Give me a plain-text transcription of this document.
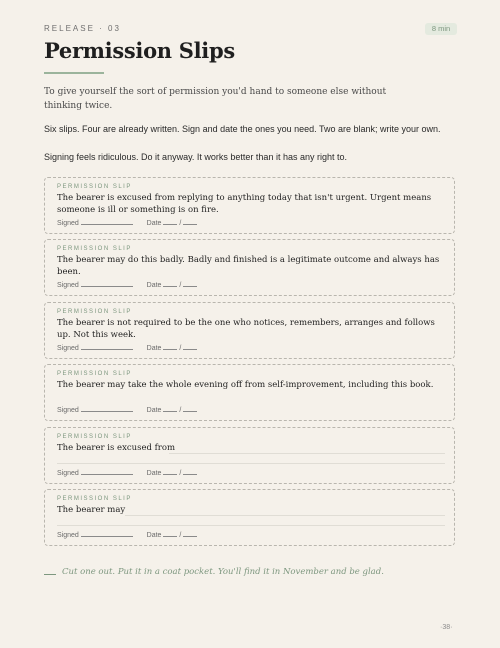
RELEASE · 03	8 min
Permission Slips

To give yourself the sort of permission you'd hand to someone else without thinking twice.

Six slips. Four are already written. Sign and date the ones you need. Two are blank; write your own.

Signing feels ridiculous. Do it anyway. It works better than it has any right to.

PERMISSION SLIP

The bearer is excused from replying to anything today that isn't urgent. Urgent means someone is ill or something is on fire.

Signed	Date	/
PERMISSION SLIP

The bearer may do this badly. Badly and finished is a legitimate outcome and always has been.

Signed	Date	/
PERMISSION SLIP

The bearer is not required to be the one who notices, remembers, arranges and follows up. Not this week.

Signed	Date	/
PERMISSION SLIP

The bearer may take the whole evening off from self-improvement, including this book.

Signed	Date	/
PERMISSION SLIP

The bearer is excused from

Signed	Date	/
PERMISSION SLIP

The bearer may

Signed	Date	/

Cut one out. Put it in a coat pocket. You'll find it in November and be glad.

·38·
